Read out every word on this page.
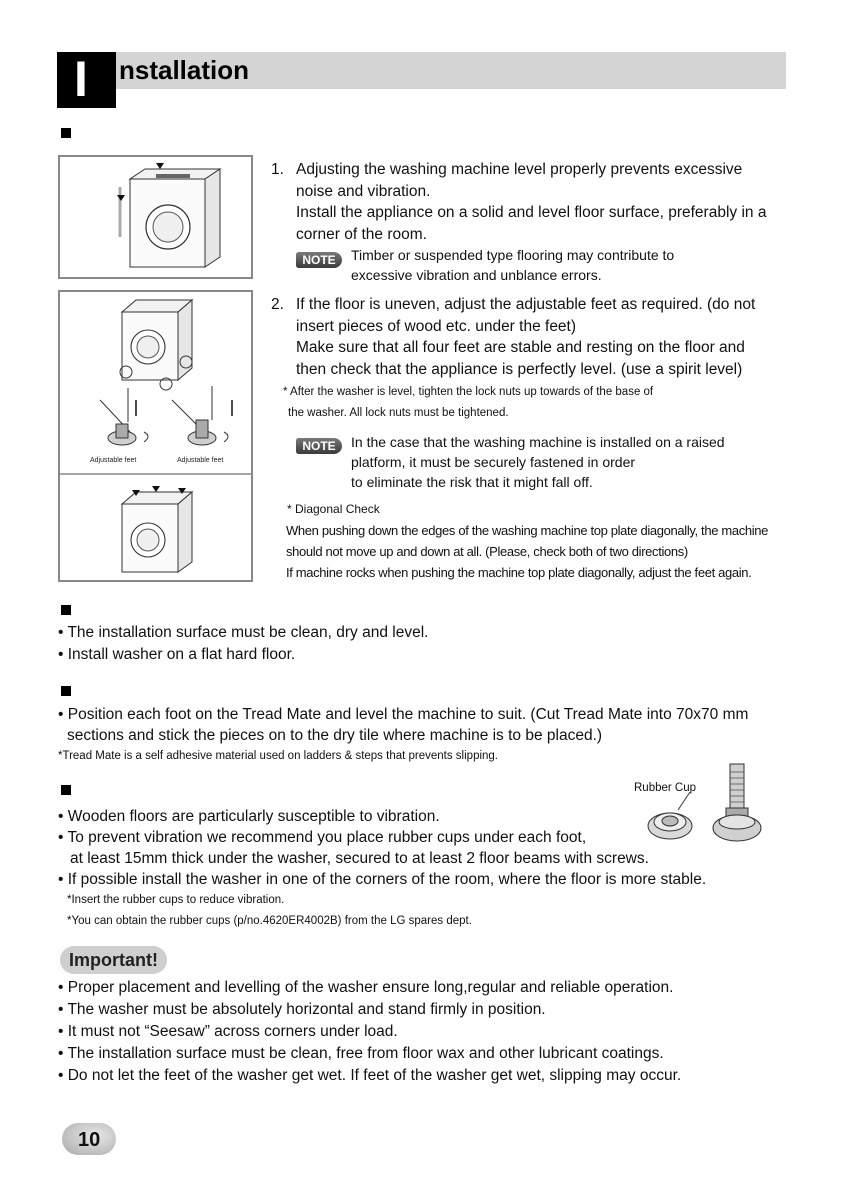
I	nstallation
Adjustable feet	Adjustable feet
1. Adjusting the washing machine level properly prevents excessive

noise and vibration.

Install the appliance on a solid and level floor surface, preferably in a

corner of the room.

NOTE	Timber or suspended type flooring may contribute to
excessive vibration and unblance errors.
2. If the floor is uneven, adjust the adjustable feet as required. (do not

insert pieces of wood etc. under the feet)

Make sure that all four feet are stable and resting on the floor and

then check that the appliance is perfectly level. (use a spirit level)

* After the washer is level, tighten the lock nuts up towards of the base of
the washer. All lock nuts must be tightened.
NOTE	In the case that the washing machine is installed on a raised
platform, it must be securely fastened in order
to eliminate the risk that it might fall off.
* Diagonal Check
When pushing down the edges of the washing machine top plate diagonally, the machine
should not move up and down at all. (Please, check both of two directions)
If machine rocks when pushing the machine top plate diagonally, adjust the feet again.
• The installation surface must be clean, dry and level.
• Install washer on a flat hard floor.
• Position each foot on the Tread Mate and level the machine to suit. (Cut Tread Mate into 70x70 mm
sections and stick the pieces on to the dry tile where machine is to be placed.)
*Tread Mate is a self adhesive material used on ladders & steps that prevents slipping.
Rubber Cup
• Wooden floors are particularly susceptible to vibration.
• To prevent vibration we recommend you place rubber cups under each foot,
at least 15mm thick under the washer, secured to at least 2 floor beams with screws.
• If possible install the washer in one of the corners of the room, where the floor is more stable.
*Insert the rubber cups to reduce vibration.
*You can obtain the rubber cups (p/no.4620ER4002B) from the LG spares dept.
Important!
• Proper placement and levelling of the washer ensure long,regular and reliable operation.
• The washer must be absolutely horizontal and stand firmly in position.
• It must not “Seesaw” across corners under load.
• The installation surface must be clean, free from floor wax and other lubricant coatings.
• Do not let the feet of the washer get wet. If feet of the washer get wet, slipping may occur.
10
